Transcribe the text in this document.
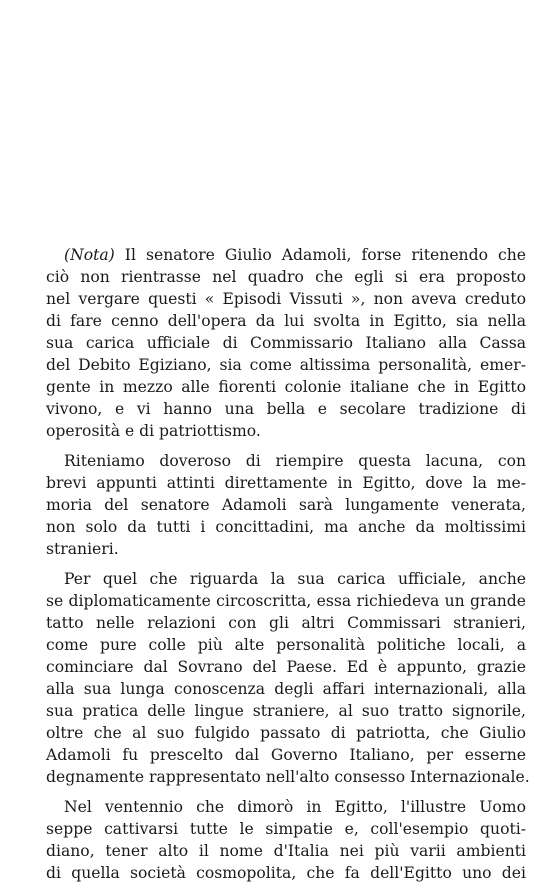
(Nota) Il senatore Giulio Adamoli, forse ritenendo che
ciò non rientrasse nel quadro che egli si era proposto
nel vergare questi « Episodi Vissuti », non aveva creduto
di fare cenno dell'opera da lui svolta in Egitto, sia nella
sua carica ufficiale di Commissario Italiano alla Cassa
del Debito Egiziano, sia come altissima personalità, emer-
gente in mezzo alle fiorenti colonie italiane che in Egitto
vivono, e vi hanno una bella e secolare tradizione di
operosità e di patriottismo.
Riteniamo doveroso di riempire questa lacuna, con
brevi appunti attinti direttamente in Egitto, dove la me-
moria del senatore Adamoli sarà lungamente venerata,
non solo da tutti i concittadini, ma anche da moltissimi
stranieri.
Per quel che riguarda la sua carica ufficiale, anche
se diplomaticamente circoscritta, essa richiedeva un grande
tatto nelle relazioni con gli altri Commissari stranieri,
come pure colle più alte personalità politiche locali, a
cominciare dal Sovrano del Paese. Ed è appunto, grazie
alla sua lunga conoscenza degli affari internazionali, alla
sua pratica delle lingue straniere, al suo tratto signorile,
oltre che al suo fulgido passato di patriotta, che Giulio
Adamoli fu prescelto dal Governo Italiano, per esserne
degnamente rappresentato nell'alto consesso Internazionale.
Nel ventennio che dimorò in Egitto, l'illustre Uomo
seppe cattivarsi tutte le simpatie e, coll'esempio quoti-
diano, tener alto il nome d'Italia nei più varii ambienti
di quella società cosmopolita, che fa dell'Egitto uno dei
